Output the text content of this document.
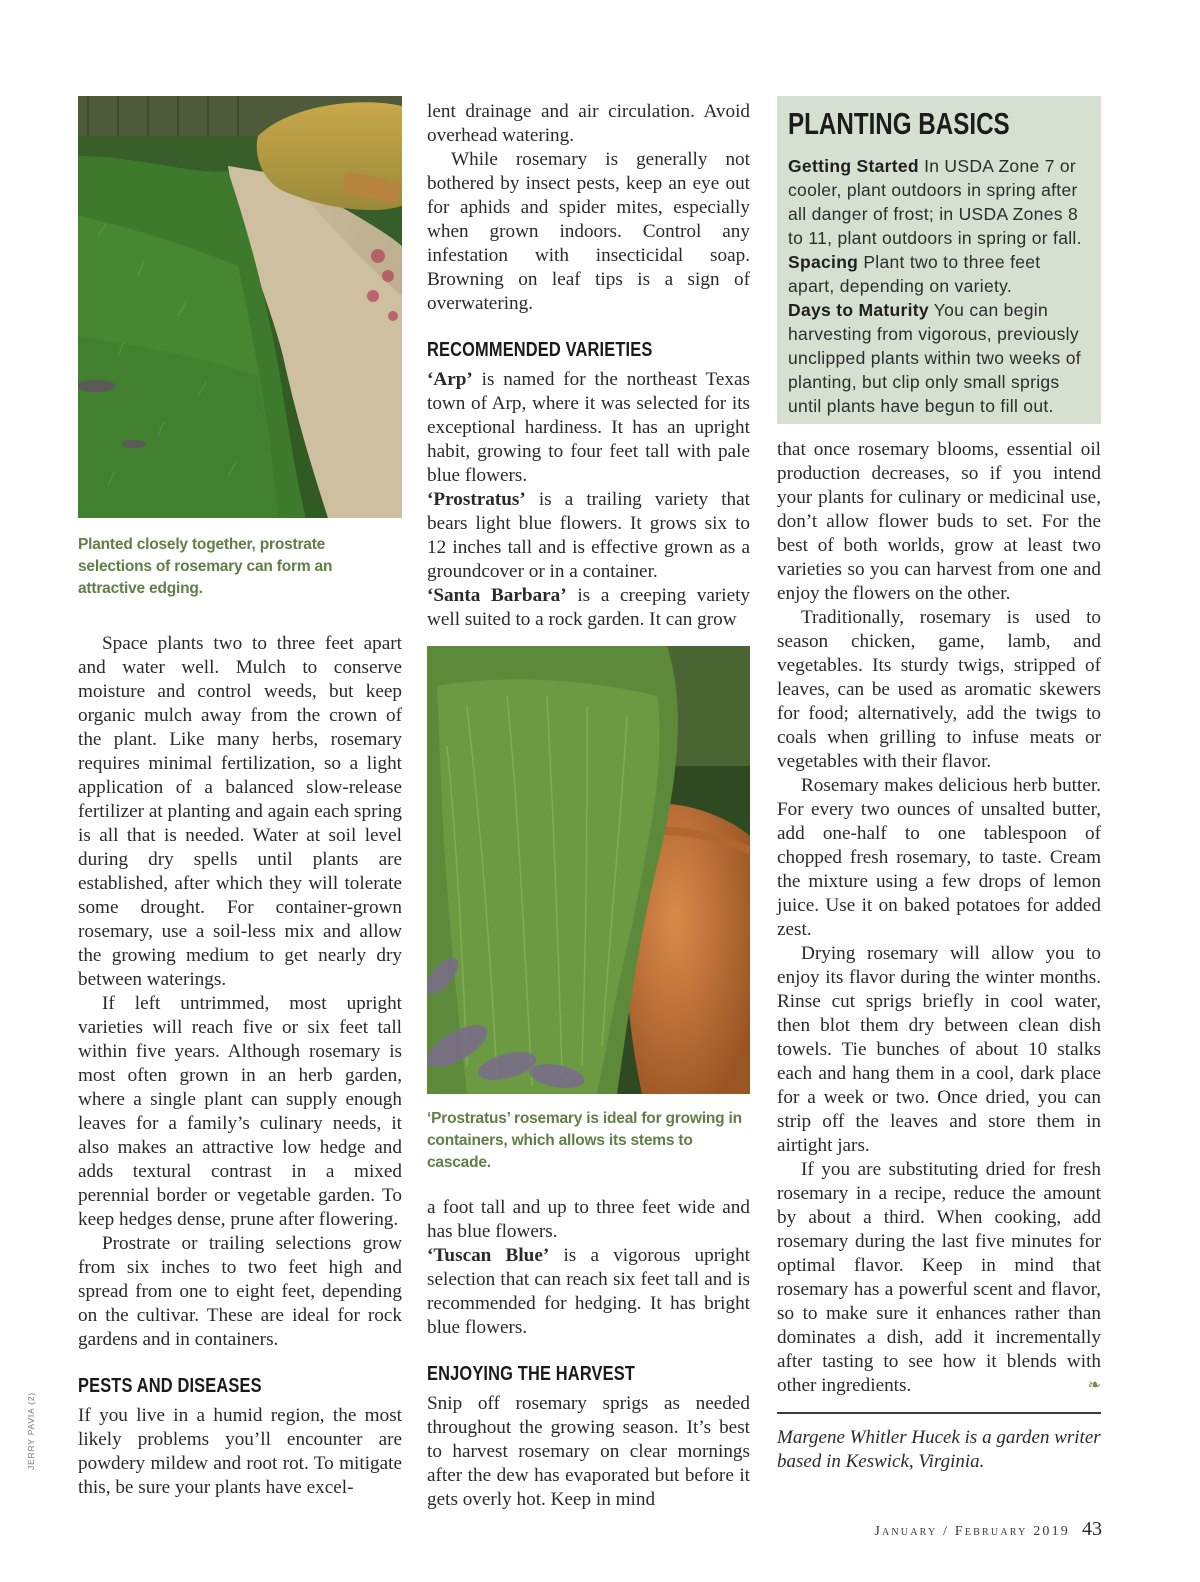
JERRY PAVIA (2)
Planted closely together, prostrate selections of rosemary can form an attractive edging.

Space plants two to three feet apart and water well. Mulch to conserve moisture and control weeds, but keep organic mulch away from the crown of the plant. Like many herbs, rosemary requires minimal fertilization, so a light application of a balanced slow-release fertilizer at planting and again each spring is all that is needed. Water at soil level during dry spells until plants are established, after which they will tolerate some drought. For container-grown rosemary, use a soil-less mix and allow the growing medium to get nearly dry between waterings.

If left untrimmed, most upright varieties will reach five or six feet tall within five years. Although rosemary is most often grown in an herb garden, where a single plant can supply enough leaves for a family’s culinary needs, it also makes an attractive low hedge and adds textural contrast in a mixed perennial border or vegetable garden. To keep hedges dense, prune after flowering.

Prostrate or trailing selections grow from six inches to two feet high and spread from one to eight feet, depending on the cultivar. These are ideal for rock gardens and in containers.

PESTS AND DISEASES

If you live in a humid region, the most likely problems you’ll encounter are powdery mildew and root rot. To mitigate this, be sure your plants have excel-

lent drainage and air circulation. Avoid overhead watering.

While rosemary is generally not bothered by insect pests, keep an eye out for aphids and spider mites, especially when grown indoors. Control any infestation with insecticidal soap. Browning on leaf tips is a sign of overwatering.

RECOMMENDED VARIETIES

‘Arp’ is named for the northeast Texas town of Arp, where it was selected for its exceptional hardiness. It has an upright habit, growing to four feet tall with pale blue flowers.

‘Prostratus’ is a trailing variety that bears light blue flowers. It grows six to 12 inches tall and is effective grown as a groundcover or in a container.

‘Santa Barbara’ is a creeping variety well suited to a rock garden. It can grow

‘Prostratus’ rosemary is ideal for growing in containers, which allows its stems to cascade.

a foot tall and up to three feet wide and has blue flowers.

‘Tuscan Blue’ is a vigorous upright selection that can reach six feet tall and is recommended for hedging. It has bright blue flowers.

ENJOYING THE HARVEST

Snip off rosemary sprigs as needed throughout the growing season. It’s best to harvest rosemary on clear mornings after the dew has evaporated but before it gets overly hot. Keep in mind

PLANTING BASICS

Getting Started In USDA Zone 7 or cooler, plant outdoors in spring after all danger of frost; in USDA Zones 8 to 11, plant outdoors in spring or fall.

Spacing Plant two to three feet apart, depending on variety.

Days to Maturity You can begin harvesting from vigorous, previously unclipped plants within two weeks of planting, but clip only small sprigs until plants have begun to fill out.

that once rosemary blooms, essential oil production decreases, so if you intend your plants for culinary or medicinal use, don’t allow flower buds to set. For the best of both worlds, grow at least two varieties so you can harvest from one and enjoy the flowers on the other.

Traditionally, rosemary is used to season chicken, game, lamb, and vegetables. Its sturdy twigs, stripped of leaves, can be used as aromatic skewers for food; alternatively, add the twigs to coals when grilling to infuse meats or vegetables with their flavor.

Rosemary makes delicious herb butter. For every two ounces of unsalted butter, add one-half to one tablespoon of chopped fresh rosemary, to taste. Cream the mixture using a few drops of lemon juice. Use it on baked potatoes for added zest.

Drying rosemary will allow you to enjoy its flavor during the winter months. Rinse cut sprigs briefly in cool water, then blot them dry between clean dish towels. Tie bunches of about 10 stalks each and hang them in a cool, dark place for a week or two. Once dried, you can strip off the leaves and store them in airtight jars.

If you are substituting dried for fresh rosemary in a recipe, reduce the amount by about a third. When cooking, add rosemary during the last five minutes for optimal flavor. Keep in mind that rosemary has a powerful scent and flavor, so to make sure it enhances rather than dominates a dish, add it incrementally after tasting to see how it blends with other ingredients.	❧

Margene Whitler Hucek is a garden writer based in Keswick, Virginia.
January / February 2019 43
